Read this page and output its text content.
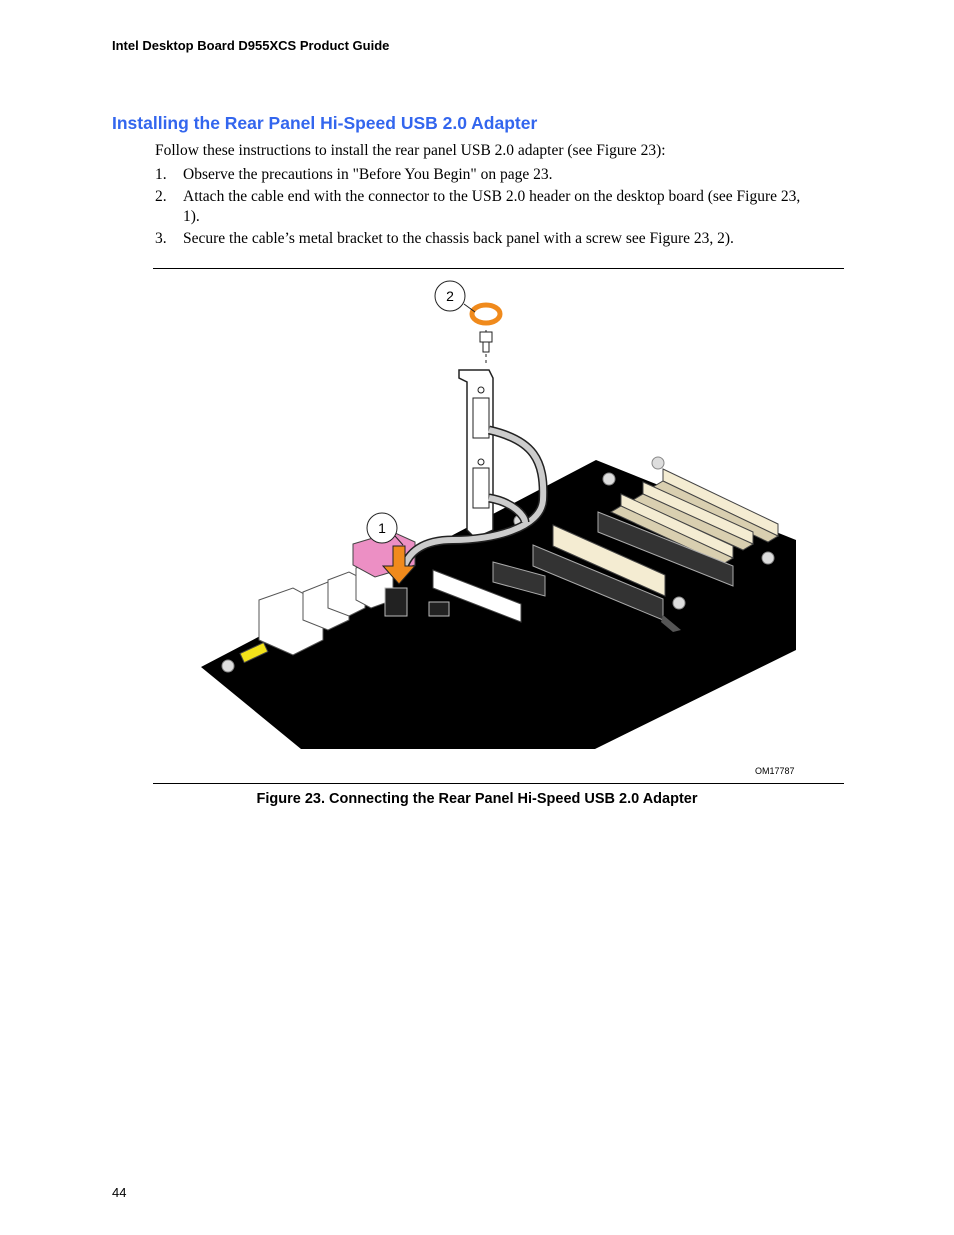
Intel Desktop Board D955XCS Product Guide
Installing the Rear Panel Hi-Speed USB 2.0 Adapter
Follow these instructions to install the rear panel USB 2.0 adapter (see Figure 23):
1. Observe the precautions in "Before You Begin" on page 23.
2. Attach the cable end with the connector to the USB 2.0 header on the desktop board (see Figure 23, 1).
3. Secure the cable’s metal bracket to the chassis back panel with a screw see Figure 23, 2).
2
1
OM17787
Figure 23. Connecting the Rear Panel Hi-Speed USB 2.0 Adapter
44
